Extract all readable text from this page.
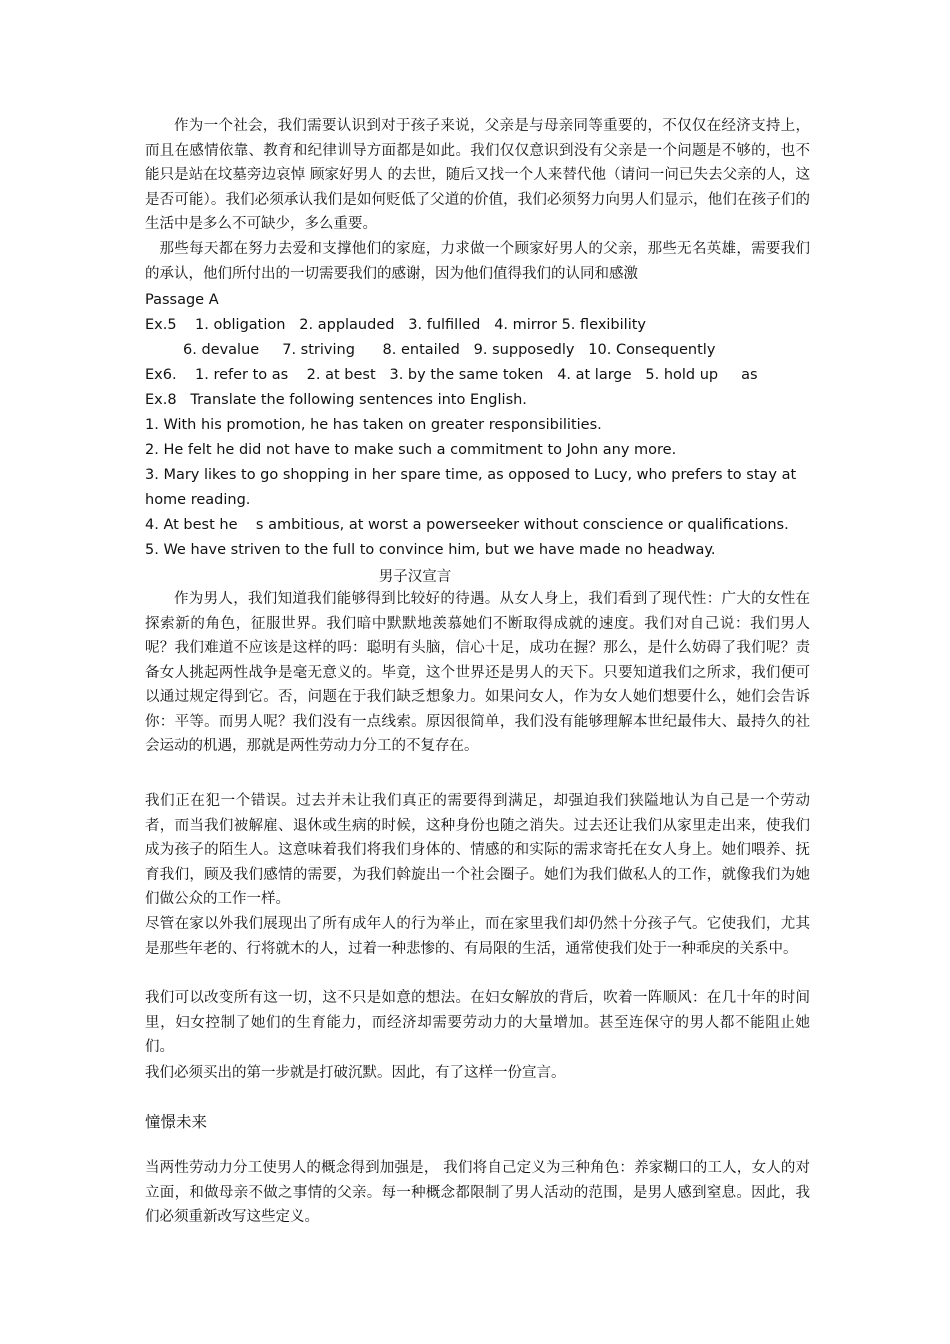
作为一个社会，我们需要认识到对于孩子来说，父亲是与母亲同等重要的，不仅仅在经济支持上，而且在感情依靠、教育和纪律训导方面都是如此。我们仅仅意识到没有父亲是一个问题是不够的，也不能只是站在坟墓旁边哀悼 顾家好男人 的去世，随后又找一个人来替代他（请问一问已失去父亲的人，这是否可能）。我们必须承认我们是如何贬低了父道的价值，我们必须努力向男人们显示，他们在孩子们的生活中是多么不可缺少，多么重要。

那些每天都在努力去爱和支撑他们的家庭，力求做一个顾家好男人的父亲，那些无名英雄，需要我们的承认，他们所付出的一切需要我们的感谢，因为他们值得我们的认同和感激

Passage A

Ex.5    1. obligation   2. applauded   3. fulfilled   4. mirror 5. flexibility

6. devalue     7. striving      8. entailed   9. supposedly   10. Consequently

Ex6.    1. refer to as    2. at best   3. by the same token   4. at large   5. hold up     as

Ex.8   Translate the following sentences into English.

1. With his promotion, he has taken on greater responsibilities.

2. He felt he did not have to make such a commitment to John any more.

3. Mary likes to go shopping in her spare time, as opposed to Lucy, who prefers to stay at home reading.

4. At best he    s ambitious, at worst a powerseeker without conscience or qualifications.

5. We have striven to the full to convince him, but we have made no headway.

男子汉宣言

作为男人，我们知道我们能够得到比较好的待遇。从女人身上，我们看到了现代性：广大的女性在探索新的角色，征服世界。我们暗中默默地羡慕她们不断取得成就的速度。我们对自己说：我们男人呢？我们难道不应该是这样的吗：聪明有头脑，信心十足，成功在握？那么，是什么妨碍了我们呢？责备女人挑起两性战争是毫无意义的。毕竟，这个世界还是男人的天下。只要知道我们之所求，我们便可以通过规定得到它。否，问题在于我们缺乏想象力。如果问女人，作为女人她们想要什么，她们会告诉你：平等。而男人呢？我们没有一点线索。原因很简单，我们没有能够理解本世纪最伟大、最持久的社会运动的机遇，那就是两性劳动力分工的不复存在。

我们正在犯一个错误。过去并未让我们真正的需要得到满足，却强迫我们狭隘地认为自己是一个劳动者，而当我们被解雇、退休或生病的时候，这种身份也随之消失。过去还让我们从家里走出来，使我们成为孩子的陌生人。这意味着我们将我们身体的、情感的和实际的需求寄托在女人身上。她们喂养、抚育我们，顾及我们感情的需要，为我们斡旋出一个社会圈子。她们为我们做私人的工作，就像我们为她们做公众的工作一样。

尽管在家以外我们展现出了所有成年人的行为举止，而在家里我们却仍然十分孩子气。它使我们，尤其是那些年老的、行将就木的人，过着一种悲惨的、有局限的生活，通常使我们处于一种乖戾的关系中。

我们可以改变所有这一切，这不只是如意的想法。在妇女解放的背后，吹着一阵顺风：在几十年的时间里，妇女控制了她们的生育能力，而经济却需要劳动力的大量增加。甚至连保守的男人都不能阻止她们。

我们必须买出的第一步就是打破沉默。因此，有了这样一份宣言。

憧憬未来

当两性劳动力分工使男人的概念得到加强是， 我们将自己定义为三种角色：养家糊口的工人，女人的对立面，和做母亲不做之事情的父亲。每一种概念都限制了男人活动的范围，是男人感到窒息。因此，我们必须重新改写这些定义。
